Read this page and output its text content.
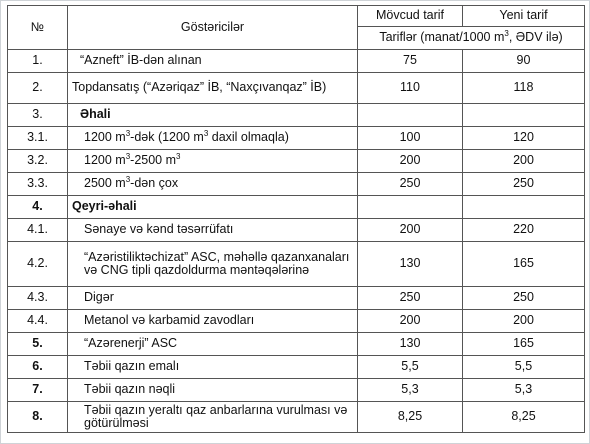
№	Göstəricilər	Mövcud tarif	Yeni tarif
		Tariflər (manat/1000 $m^3$, ƏDV ilə)	
1.	“Azneft” İB-dən alınan	75	90
2.	Topdansatış (“Azəriqaz” İB, “Naxçıvanqaz” İB)	110	118
3.	Əhali		
3.1.	1200 $m^3$-dək (1200 $m^3$ daxil olmaqla)	100	120
3.2.	1200 $m^3-2500$ $m^3$	200	200
3.3.	2500 $m^3$-dən çox	250	250
4.	Qeyri-əhali		
4.1.	Sənaye və kənd təsərrüfatı	200	220
4.2.	“Azəristiliktəchizat” ASC, məhəllə qazanxanaları və CNG tipli qazdoldurma məntəqələrinə	130	165
4.3.	Digər	250	250
4.4.	Metanol və karbamid zavodları	200	200
5.	“Azərenerji” ASC	130	165
6.	Təbii qazın emalı	5,5	5,5
7.	Təbii qazın nəqli	5,3	5,3
8.	Təbii qazın yeraltı qaz anbarlarına vurulması və götürülməsi	8,25	8,25
